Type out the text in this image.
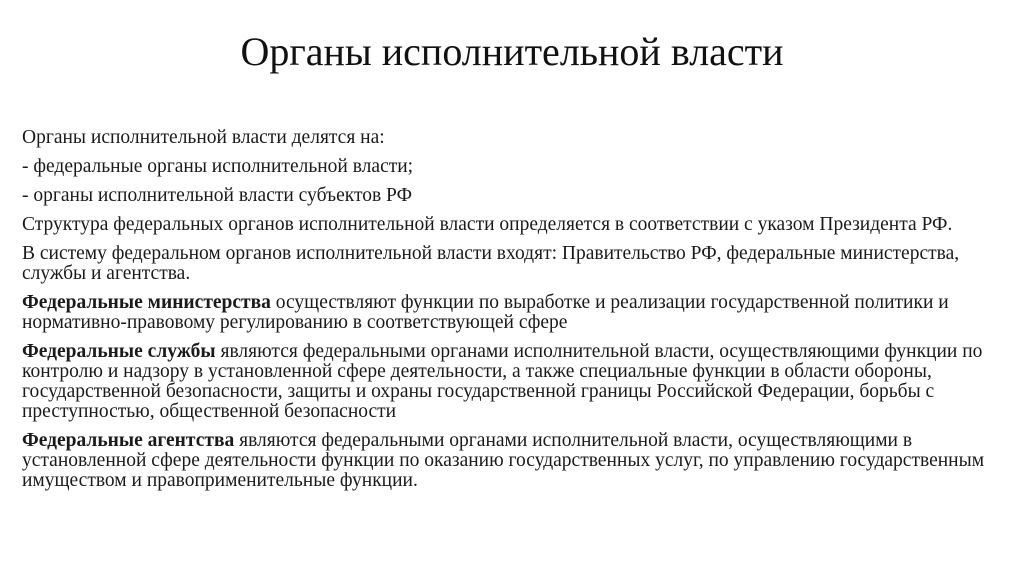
Органы исполнительной власти

Органы исполнительной власти делятся на:

- федеральные органы исполнительной власти;

- органы исполнительной власти субъектов РФ

Структура федеральных органов исполнительной власти определяется в соответствии с указом Президента РФ.

В систему федеральном органов исполнительной власти входят: Правительство РФ, федеральные министерства, службы и агентства.

Федеральные министерства осуществляют функции по выработке и реализации государственной политики и нормативно-правовому регулированию в соответствующей сфере

Федеральные службы являются федеральными органами исполнительной власти, осуществляющими функции по контролю и надзору в установленной сфере деятельности, а также специальные функции в области обороны, государственной безопасности, защиты и охраны государственной границы Российской Федерации, борьбы с преступностью, общественной безопасности

Федеральные агентства являются федеральными органами исполнительной власти, осуществляющими в установленной сфере деятельности функции по оказанию государственных услуг, по управлению государственным имуществом и правоприменительные функции.
